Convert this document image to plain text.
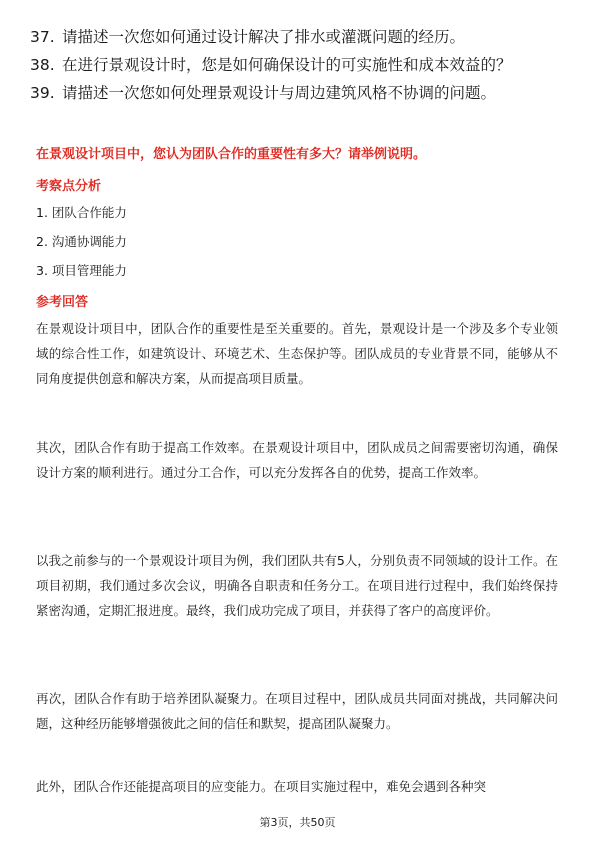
37. 请描述一次您如何通过设计解决了排水或灌溉问题的经历。
38. 在进行景观设计时，您是如何确保设计的可实施性和成本效益的？
39. 请描述一次您如何处理景观设计与周边建筑风格不协调的问题。
在景观设计项目中，您认为团队合作的重要性有多大？请举例说明。
考察点分析
1. 团队合作能力
2. 沟通协调能力
3. 项目管理能力
参考回答
在景观设计项目中，团队合作的重要性是至关重要的。首先，景观设计是一个涉及多个专业领域的综合性工作，如建筑设计、环境艺术、生态保护等。团队成员的专业背景不同，能够从不同角度提供创意和解决方案，从而提高项目质量。
其次，团队合作有助于提高工作效率。在景观设计项目中，团队成员之间需要密切沟通，确保设计方案的顺利进行。通过分工合作，可以充分发挥各自的优势，提高工作效率。
以我之前参与的一个景观设计项目为例，我们团队共有5人，分别负责不同领域的设计工作。在项目初期，我们通过多次会议，明确各自职责和任务分工。在项目进行过程中，我们始终保持紧密沟通，定期汇报进度。最终，我们成功完成了项目，并获得了客户的高度评价。
再次，团队合作有助于培养团队凝聚力。在项目过程中，团队成员共同面对挑战，共同解决问题，这种经历能够增强彼此之间的信任和默契，提高团队凝聚力。
此外，团队合作还能提高项目的应变能力。在项目实施过程中，难免会遇到各种突
第3页，共50页
